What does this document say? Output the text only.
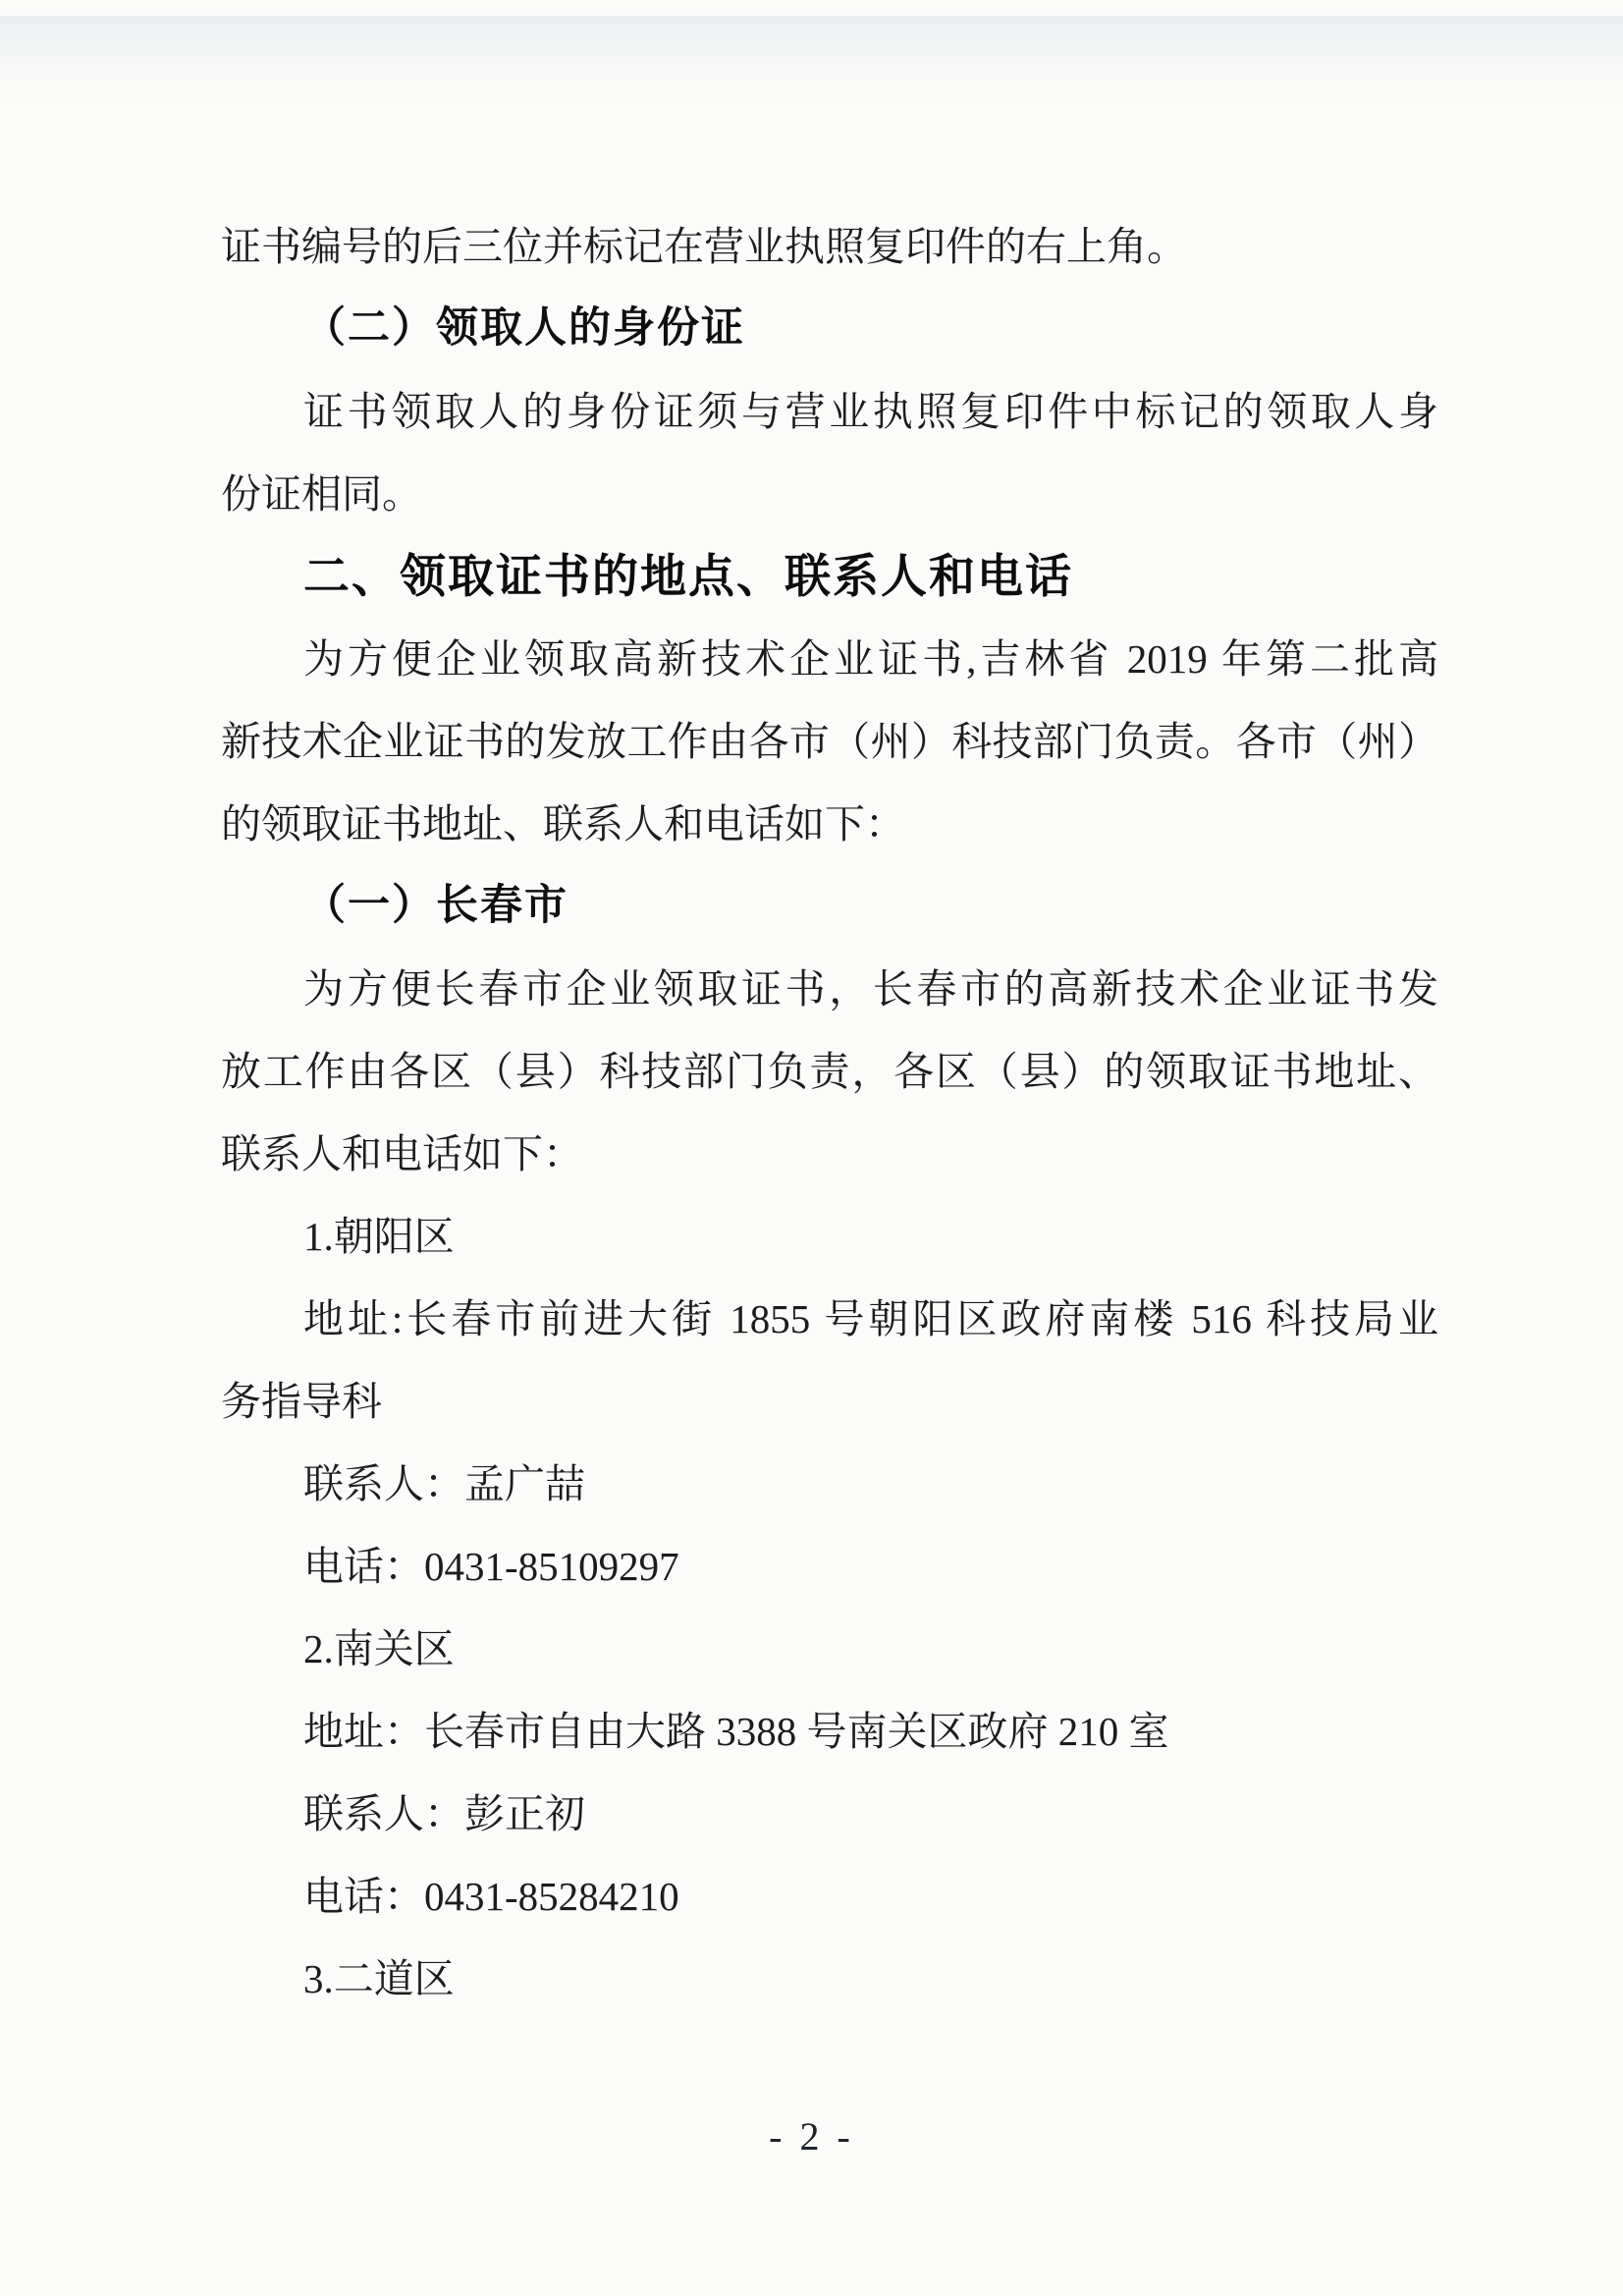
证书编号的后三位并标记在营业执照复印件的右上角。
（二）领取人的身份证
证书领取人的身份证须与营业执照复印件中标记的领取人身
份证相同。
二、领取证书的地点、联系人和电话
为方便企业领取高新技术企业证书,吉林省 2019 年第二批高
新技术企业证书的发放工作由各市（州）科技部门负责。各市（州）
的领取证书地址、联系人和电话如下：
（一）长春市
为方便长春市企业领取证书，长春市的高新技术企业证书发
放工作由各区（县）科技部门负责，各区（县）的领取证书地址、
联系人和电话如下：
1.朝阳区
地址:长春市前进大街 1855 号朝阳区政府南楼 516 科技局业
务指导科
联系人：孟广喆
电话：0431-85109297
2.南关区
地址：长春市自由大路 3388 号南关区政府 210 室
联系人：彭正初
电话：0431-85284210
3.二道区
- 2 -
